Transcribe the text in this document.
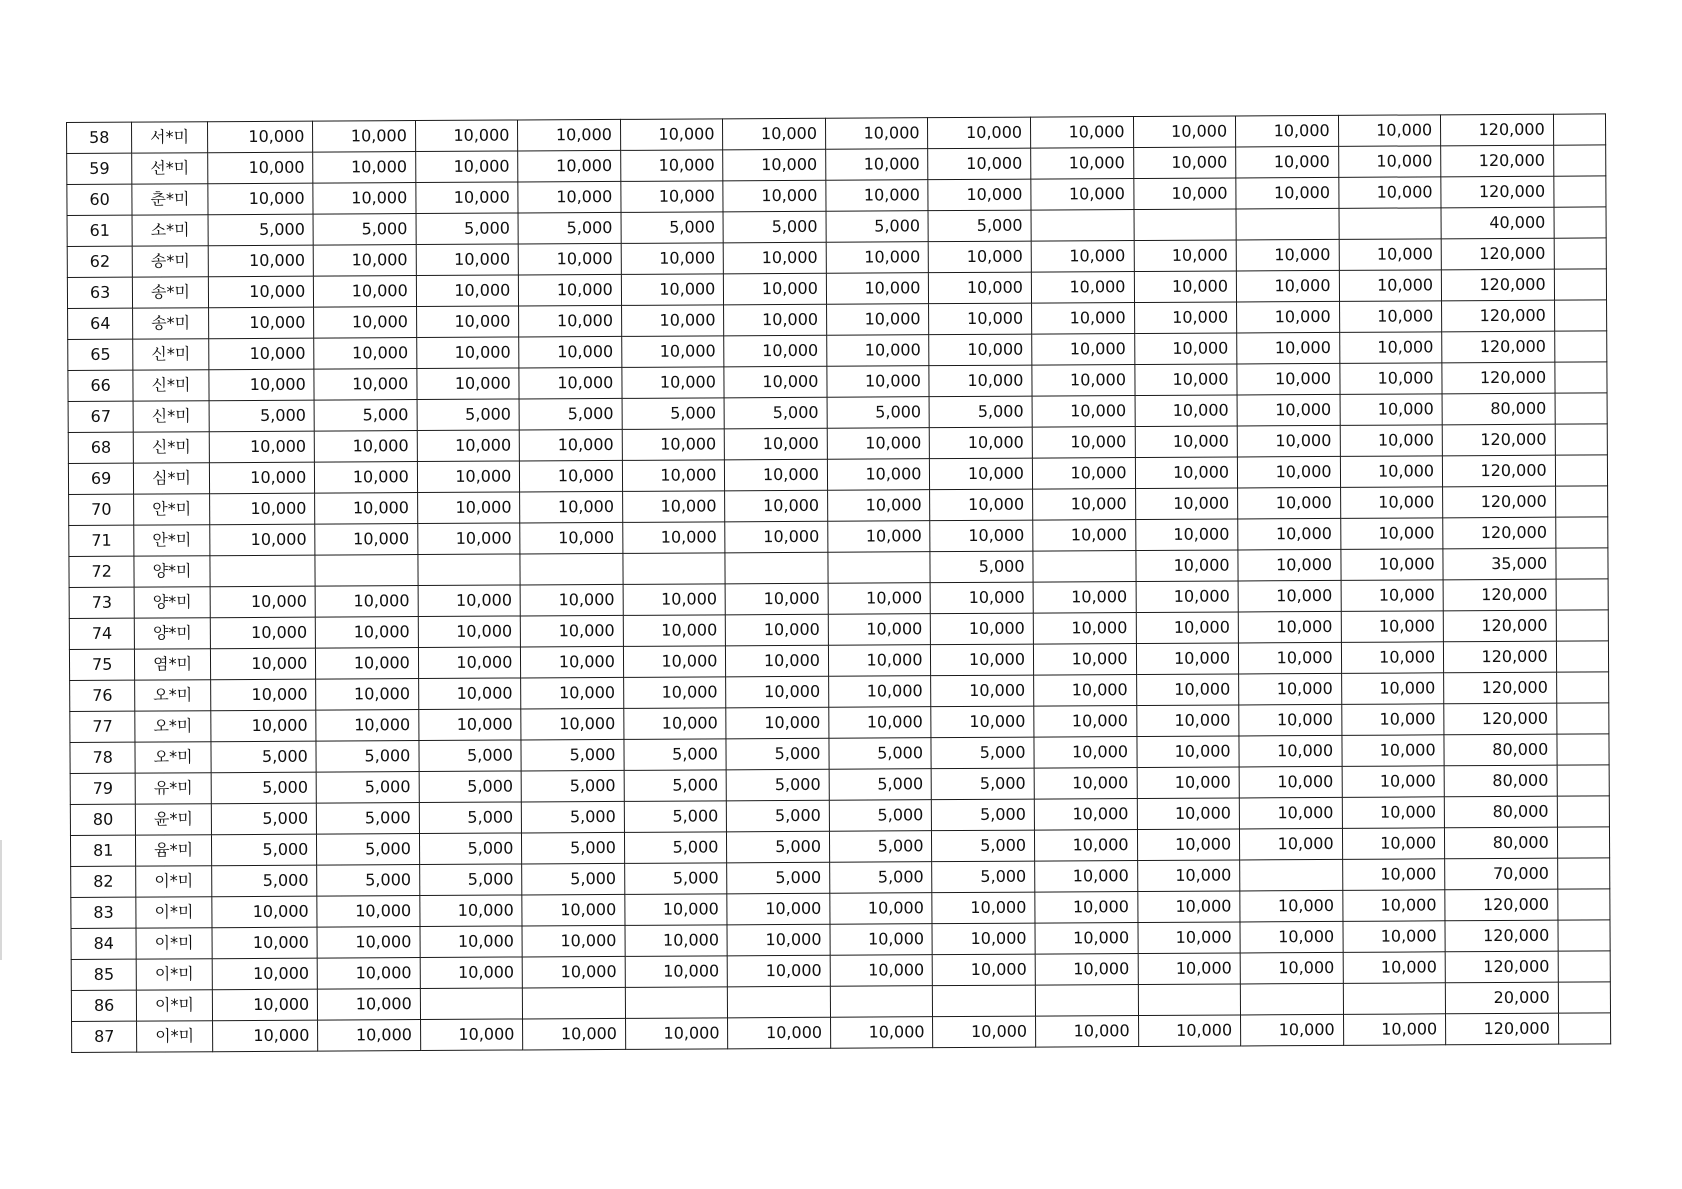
58	서*미	10,000	10,000	10,000	10,000	10,000	10,000	10,000	10,000	10,000	10,000	10,000	10,000	120,000	
59	선*미	10,000	10,000	10,000	10,000	10,000	10,000	10,000	10,000	10,000	10,000	10,000	10,000	120,000	
60	춘*미	10,000	10,000	10,000	10,000	10,000	10,000	10,000	10,000	10,000	10,000	10,000	10,000	120,000	
61	소*미	5,000	5,000	5,000	5,000	5,000	5,000	5,000	5,000					40,000	
62	송*미	10,000	10,000	10,000	10,000	10,000	10,000	10,000	10,000	10,000	10,000	10,000	10,000	120,000	
63	송*미	10,000	10,000	10,000	10,000	10,000	10,000	10,000	10,000	10,000	10,000	10,000	10,000	120,000	
64	송*미	10,000	10,000	10,000	10,000	10,000	10,000	10,000	10,000	10,000	10,000	10,000	10,000	120,000	
65	신*미	10,000	10,000	10,000	10,000	10,000	10,000	10,000	10,000	10,000	10,000	10,000	10,000	120,000	
66	신*미	10,000	10,000	10,000	10,000	10,000	10,000	10,000	10,000	10,000	10,000	10,000	10,000	120,000	
67	신*미	5,000	5,000	5,000	5,000	5,000	5,000	5,000	5,000	10,000	10,000	10,000	10,000	80,000	
68	신*미	10,000	10,000	10,000	10,000	10,000	10,000	10,000	10,000	10,000	10,000	10,000	10,000	120,000	
69	심*미	10,000	10,000	10,000	10,000	10,000	10,000	10,000	10,000	10,000	10,000	10,000	10,000	120,000	
70	안*미	10,000	10,000	10,000	10,000	10,000	10,000	10,000	10,000	10,000	10,000	10,000	10,000	120,000	
71	안*미	10,000	10,000	10,000	10,000	10,000	10,000	10,000	10,000	10,000	10,000	10,000	10,000	120,000	
72	양*미								5,000		10,000	10,000	10,000	35,000	
73	양*미	10,000	10,000	10,000	10,000	10,000	10,000	10,000	10,000	10,000	10,000	10,000	10,000	120,000	
74	양*미	10,000	10,000	10,000	10,000	10,000	10,000	10,000	10,000	10,000	10,000	10,000	10,000	120,000	
75	염*미	10,000	10,000	10,000	10,000	10,000	10,000	10,000	10,000	10,000	10,000	10,000	10,000	120,000	
76	오*미	10,000	10,000	10,000	10,000	10,000	10,000	10,000	10,000	10,000	10,000	10,000	10,000	120,000	
77	오*미	10,000	10,000	10,000	10,000	10,000	10,000	10,000	10,000	10,000	10,000	10,000	10,000	120,000	
78	오*미	5,000	5,000	5,000	5,000	5,000	5,000	5,000	5,000	10,000	10,000	10,000	10,000	80,000	
79	유*미	5,000	5,000	5,000	5,000	5,000	5,000	5,000	5,000	10,000	10,000	10,000	10,000	80,000	
80	윤*미	5,000	5,000	5,000	5,000	5,000	5,000	5,000	5,000	10,000	10,000	10,000	10,000	80,000	
81	윰*미	5,000	5,000	5,000	5,000	5,000	5,000	5,000	5,000	10,000	10,000	10,000	10,000	80,000	
82	이*미	5,000	5,000	5,000	5,000	5,000	5,000	5,000	5,000	10,000	10,000		10,000	70,000	
83	이*미	10,000	10,000	10,000	10,000	10,000	10,000	10,000	10,000	10,000	10,000	10,000	10,000	120,000	
84	이*미	10,000	10,000	10,000	10,000	10,000	10,000	10,000	10,000	10,000	10,000	10,000	10,000	120,000	
85	이*미	10,000	10,000	10,000	10,000	10,000	10,000	10,000	10,000	10,000	10,000	10,000	10,000	120,000	
86	이*미	10,000	10,000											20,000	
87	이*미	10,000	10,000	10,000	10,000	10,000	10,000	10,000	10,000	10,000	10,000	10,000	10,000	120,000	
